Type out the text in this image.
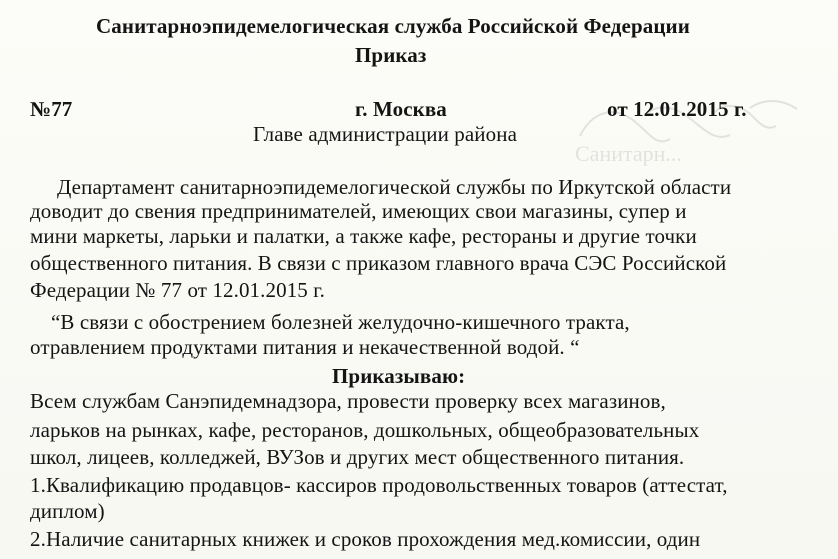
Санитарн...
Санитарноэпидемелогическая служба Российской Федерации
Приказ
№77	г. Москва	от 12.01.2015 г.
Главе администрации района
Департамент санитарноэпидемелогической службы по Иркутской области
доводит до свения предпринимателей, имеющих свои магазины, супер и
мини маркеты, ларьки и палатки, а также кафе, рестораны и другие точки
общественного питания. В связи с приказом главного врача СЭС Российской
Федерации № 77 от 12.01.2015 г.
“В связи с обострением болезней желудочно-кишечного тракта,
отравлением продуктами питания и некачественной водой. “
Приказываю:
Всем службам Санэпидемнадзора, провести проверку всех магазинов,
ларьков на рынках, кафе, ресторанов, дошкольных, общеобразовательных
школ, лицеев, колледжей, ВУЗов и других мест общественного питания.
1.Квалификацию продавцов- кассиров продовольственных товаров (аттестат,
диплом)
2.Наличие санитарных книжек и сроков прохождения мед.комиссии, один
